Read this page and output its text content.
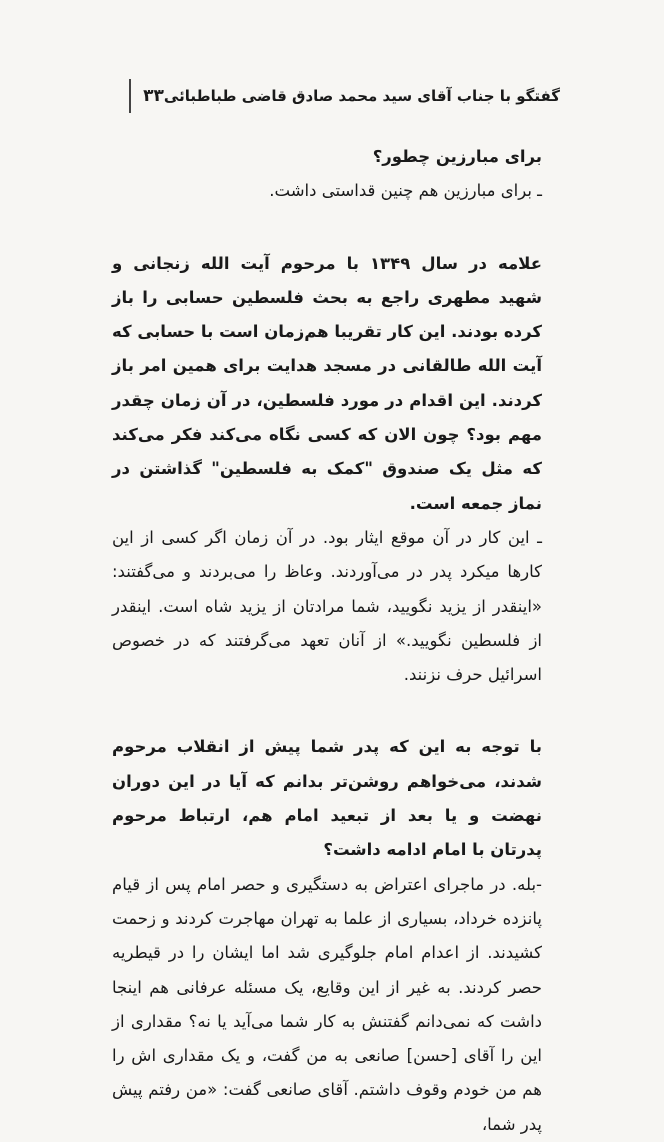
گفتگو با جناب آقای سید محمد صادق قاضی طباطبائی
۳۳
برای مبارزین چطور؟
ـ برای مبارزین هم چنین قداستی داشت.
علامه در سال ۱۳۴۹ با مرحوم آیت الله زنجانی و شهید مطهری راجع به بحث فلسطین حسابی را باز کرده بودند. این کار تقریبا هم‌زمان است با حسابی که آیت الله طالقانی در مسجد هدایت برای همین امر باز کردند. این اقدام در مورد فلسطین، در آن زمان چقدر مهم بود؟ چون الان که کسی نگاه می‌کند فکر می‌کند که مثل یک صندوق "کمک به فلسطین" گذاشتن در نماز جمعه است.
ـ این کار در آن موقع ایثار بود. در آن زمان اگر کسی از این کارها میکرد پدر در می‌آوردند. وعاظ را می‌بردند و می‌گفتند: «اینقدر از یزید نگویید، شما مرادتان از یزید شاه است. اینقدر از فلسطین نگویید.» از آنان تعهد می‌گرفتند که در خصوص اسرائیل حرف نزنند.
با توجه به این که پدر شما پیش از انقلاب مرحوم شدند، می‌خواهم روشن‌تر بدانم که آیا در این دوران نهضت و یا بعد از تبعید امام هم، ارتباط مرحوم پدرتان با امام ادامه داشت؟
-بله. در ماجرای اعتراض به دستگیری و حصر امام پس از قیام پانزده خرداد، بسیاری از علما به تهران مهاجرت کردند و زحمت کشیدند. از اعدام امام جلوگیری شد اما ایشان را در قیطریه حصر کردند. به غیر از این وقایع، یک مسئله عرفانی هم اینجا داشت که نمی‌دانم گفتنش به کار شما می‌آید یا نه؟ مقداری از این را آقای [حسن] صانعی به من گفت، و یک مقداری اش را هم من خودم وقوف داشتم. آقای صانعی گفت: «من رفتم پیش پدر شما،
